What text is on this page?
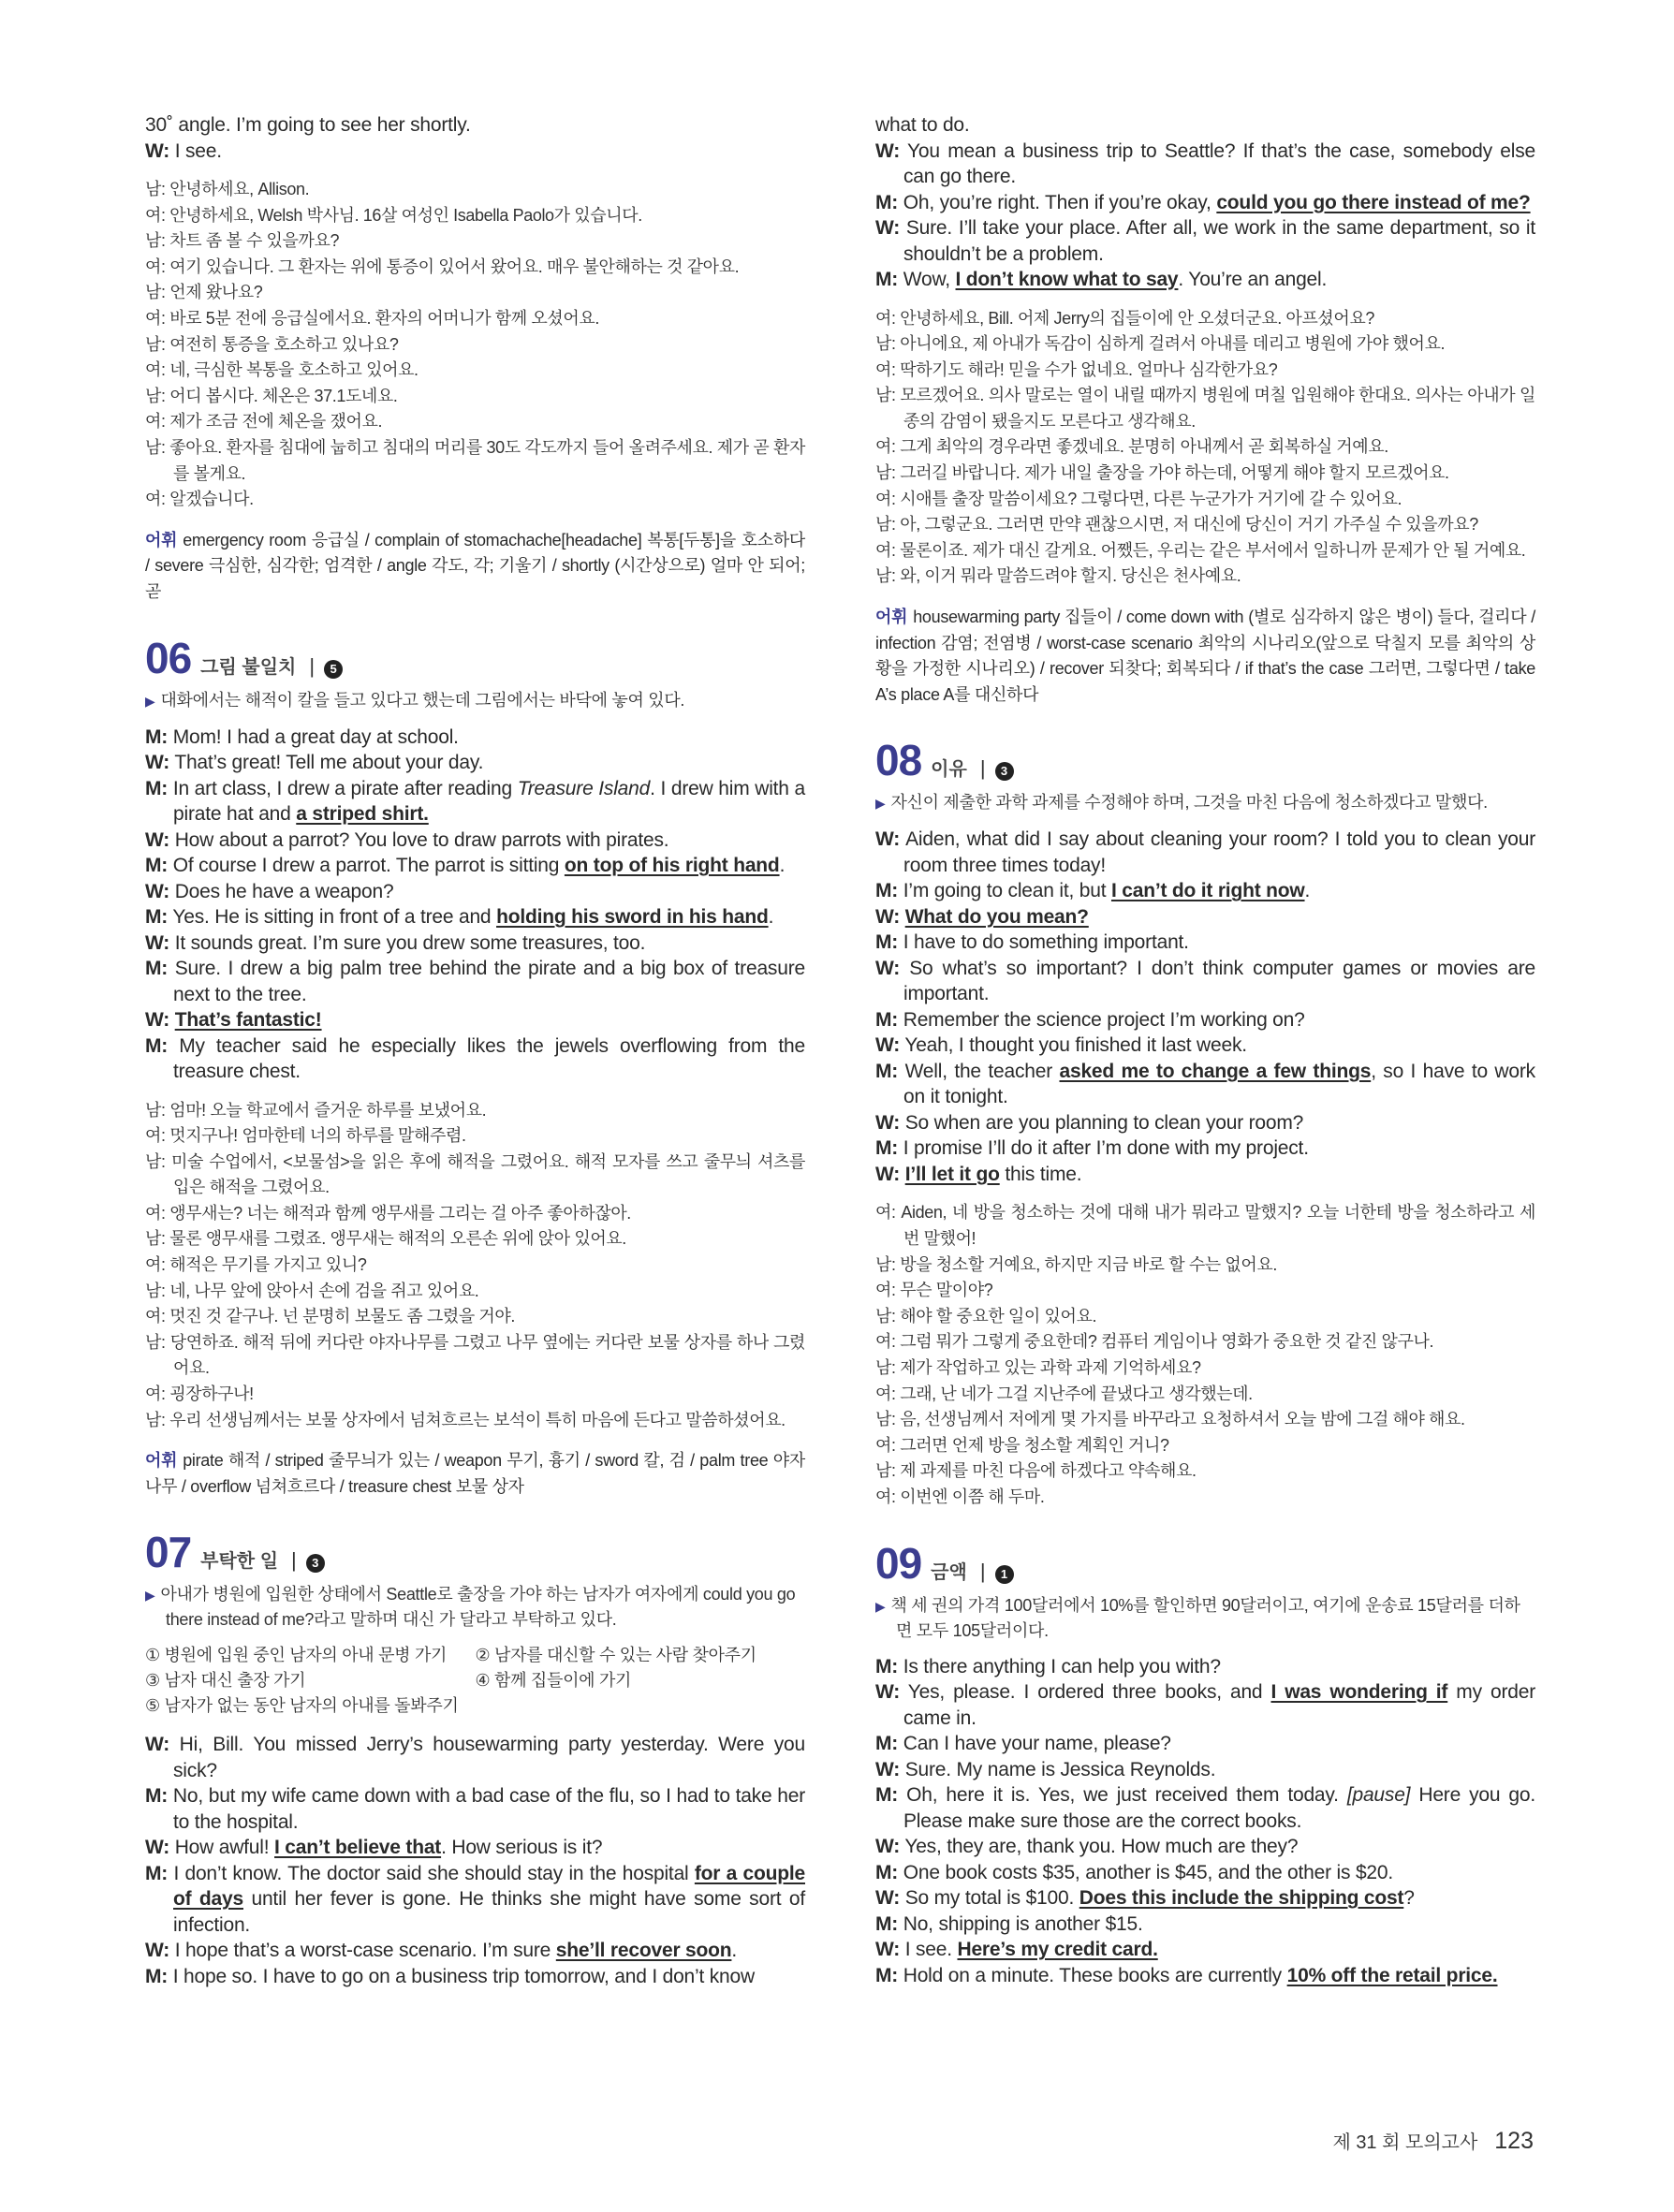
30˚ angle. I’m going to see her shortly.
W: I see.
남: 안녕하세요, Allison.
여: 안녕하세요, Welsh 박사님. 16살 여성인 Isabella Paolo가 있습니다.
남: 차트 좀 볼 수 있을까요?
여: 여기 있습니다. 그 환자는 위에 통증이 있어서 왔어요. 매우 불안해하는 것 같아요.
남: 언제 왔나요?
여: 바로 5분 전에 응급실에서요. 환자의 어머니가 함께 오셨어요.
남: 여전히 통증을 호소하고 있나요?
여: 네, 극심한 복통을 호소하고 있어요.
남: 어디 봅시다. 체온은 37.1도네요.
여: 제가 조금 전에 체온을 쟀어요.
남: 좋아요. 환자를 침대에 눕히고 침대의 머리를 30도 각도까지 들어 올려주세요. 제가 곧 환자를 볼게요.
여: 알겠습니다.
어휘 emergency room 응급실 / complain of stomachache[headache] 복통[두통]을 호소하다 / severe 극심한, 심각한; 엄격한 / angle 각도, 각; 기울기 / shortly (시간상으로) 얼마 안 되어; 곧
06 그림 불일치 |	5
▶ 대화에서는 해적이 칼을 들고 있다고 했는데 그림에서는 바닥에 놓여 있다.
M: Mom! I had a great day at school.
W: That’s great! Tell me about your day.
M: In art class, I drew a pirate after reading Treasure Island. I drew him with a pirate hat and a striped shirt.
W: How about a parrot? You love to draw parrots with pirates.
M: Of course I drew a parrot. The parrot is sitting on top of his right hand.
W: Does he have a weapon?
M: Yes. He is sitting in front of a tree and holding his sword in his hand.
W: It sounds great. I’m sure you drew some treasures, too.
M: Sure. I drew a big palm tree behind the pirate and a big box of treasure next to the tree.
W: That’s fantastic!
M: My teacher said he especially likes the jewels overflowing from the treasure chest.
남: 엄마! 오늘 학교에서 즐거운 하루를 보냈어요.
여: 멋지구나! 엄마한테 너의 하루를 말해주렴.
남: 미술 수업에서, <보물섬>을 읽은 후에 해적을 그렸어요. 해적 모자를 쓰고 줄무늬 셔츠를 입은 해적을 그렸어요.
여: 앵무새는? 너는 해적과 함께 앵무새를 그리는 걸 아주 좋아하잖아.
남: 물론 앵무새를 그렸죠. 앵무새는 해적의 오른손 위에 앉아 있어요.
여: 해적은 무기를 가지고 있니?
남: 네, 나무 앞에 앉아서 손에 검을 쥐고 있어요.
여: 멋진 것 같구나. 넌 분명히 보물도 좀 그렸을 거야.
남: 당연하죠. 해적 뒤에 커다란 야자나무를 그렸고 나무 옆에는 커다란 보물 상자를 하나 그렸어요.
여: 굉장하구나!
남: 우리 선생님께서는 보물 상자에서 넘쳐흐르는 보석이 특히 마음에 든다고 말씀하셨어요.
어휘 pirate 해적 / striped 줄무늬가 있는 / weapon 무기, 흉기 / sword 칼, 검 / palm tree 야자나무 / overflow 넘쳐흐르다 / treasure chest 보물 상자
07 부탁한 일 |	3
▶ 아내가 병원에 입원한 상태에서 Seattle로 출장을 가야 하는 남자가 여자에게 could you go there instead of me?라고 말하며 대신 가 달라고 부탁하고 있다.
① 병원에 입원 중인 남자의 아내 문병 가기	② 남자를 대신할 수 있는 사람 찾아주기
③ 남자 대신 출장 가기	④ 함께 집들이에 가기
⑤ 남자가 없는 동안 남자의 아내를 돌봐주기
W: Hi, Bill. You missed Jerry’s housewarming party yesterday. Were you sick?
M: No, but my wife came down with a bad case of the flu, so I had to take her to the hospital.
W: How awful! I can’t believe that. How serious is it?
M: I don’t know. The doctor said she should stay in the hospital for a couple of days until her fever is gone. He thinks she might have some sort of infection.
W: I hope that’s a worst-case scenario. I’m sure she’ll recover soon.
M: I hope so. I have to go on a business trip tomorrow, and I don’t know
what to do.
W: You mean a business trip to Seattle? If that’s the case, somebody else can go there.
M: Oh, you’re right. Then if you’re okay, could you go there instead of me?
W: Sure. I’ll take your place. After all, we work in the same department, so it shouldn’t be a problem.
M: Wow, I don’t know what to say. You’re an angel.
여: 안녕하세요, Bill. 어제 Jerry의 집들이에 안 오셨더군요. 아프셨어요?
남: 아니에요, 제 아내가 독감이 심하게 걸려서 아내를 데리고 병원에 가야 했어요.
여: 딱하기도 해라! 믿을 수가 없네요. 얼마나 심각한가요?
남: 모르겠어요. 의사 말로는 열이 내릴 때까지 병원에 며칠 입원해야 한대요. 의사는 아내가 일종의 감염이 됐을지도 모른다고 생각해요.
여: 그게 최악의 경우라면 좋겠네요. 분명히 아내께서 곧 회복하실 거예요.
남: 그러길 바랍니다. 제가 내일 출장을 가야 하는데, 어떻게 해야 할지 모르겠어요.
여: 시애틀 출장 말씀이세요? 그렇다면, 다른 누군가가 거기에 갈 수 있어요.
남: 아, 그렇군요. 그러면 만약 괜찮으시면, 저 대신에 당신이 거기 가주실 수 있을까요?
여: 물론이죠. 제가 대신 갈게요. 어쨌든, 우리는 같은 부서에서 일하니까 문제가 안 될 거예요.
남: 와, 이거 뭐라 말씀드려야 할지. 당신은 천사예요.
어휘 housewarming party 집들이 / come down with (별로 심각하지 않은 병이) 들다, 걸리다 / infection 감염; 전염병 / worst-case scenario 최악의 시나리오(앞으로 닥칠지 모를 최악의 상황을 가정한 시나리오) / recover 되찾다; 회복되다 / if that’s the case 그러면, 그렇다면 / take A’s place A를 대신하다
08 이유 |	3
▶ 자신이 제출한 과학 과제를 수정해야 하며, 그것을 마친 다음에 청소하겠다고 말했다.
W: Aiden, what did I say about cleaning your room? I told you to clean your room three times today!
M: I’m going to clean it, but I can’t do it right now.
W: What do you mean?
M: I have to do something important.
W: So what’s so important? I don’t think computer games or movies are important.
M: Remember the science project I’m working on?
W: Yeah, I thought you finished it last week.
M: Well, the teacher asked me to change a few things, so I have to work on it tonight.
W: So when are you planning to clean your room?
M: I promise I’ll do it after I’m done with my project.
W: I’ll let it go this time.
여: Aiden, 네 방을 청소하는 것에 대해 내가 뭐라고 말했지? 오늘 너한테 방을 청소하라고 세 번 말했어!
남: 방을 청소할 거예요, 하지만 지금 바로 할 수는 없어요.
여: 무슨 말이야?
남: 해야 할 중요한 일이 있어요.
여: 그럼 뭐가 그렇게 중요한데? 컴퓨터 게임이나 영화가 중요한 것 같진 않구나.
남: 제가 작업하고 있는 과학 과제 기억하세요?
여: 그래, 난 네가 그걸 지난주에 끝냈다고 생각했는데.
남: 음, 선생님께서 저에게 몇 가지를 바꾸라고 요청하셔서 오늘 밤에 그걸 해야 해요.
여: 그러면 언제 방을 청소할 계획인 거니?
남: 제 과제를 마친 다음에 하겠다고 약속해요.
여: 이번엔 이쯤 해 두마.
09 금액 |	1
▶ 책 세 권의 가격 100달러에서 10%를 할인하면 90달러이고, 여기에 운송료 15달러를 더하면 모두 105달러이다.
M: Is there anything I can help you with?
W: Yes, please. I ordered three books, and I was wondering if my order came in.
M: Can I have your name, please?
W: Sure. My name is Jessica Reynolds.
M: Oh, here it is. Yes, we just received them today. [pause] Here you go. Please make sure those are the correct books.
W: Yes, they are, thank you. How much are they?
M: One book costs $35, another is $45, and the other is $20.
W: So my total is $100. Does this include the shipping cost?
M: No, shipping is another $15.
W: I see. Here’s my credit card.
M: Hold on a minute. These books are currently 10% off the retail price.
제 31 회 모의고사 123
